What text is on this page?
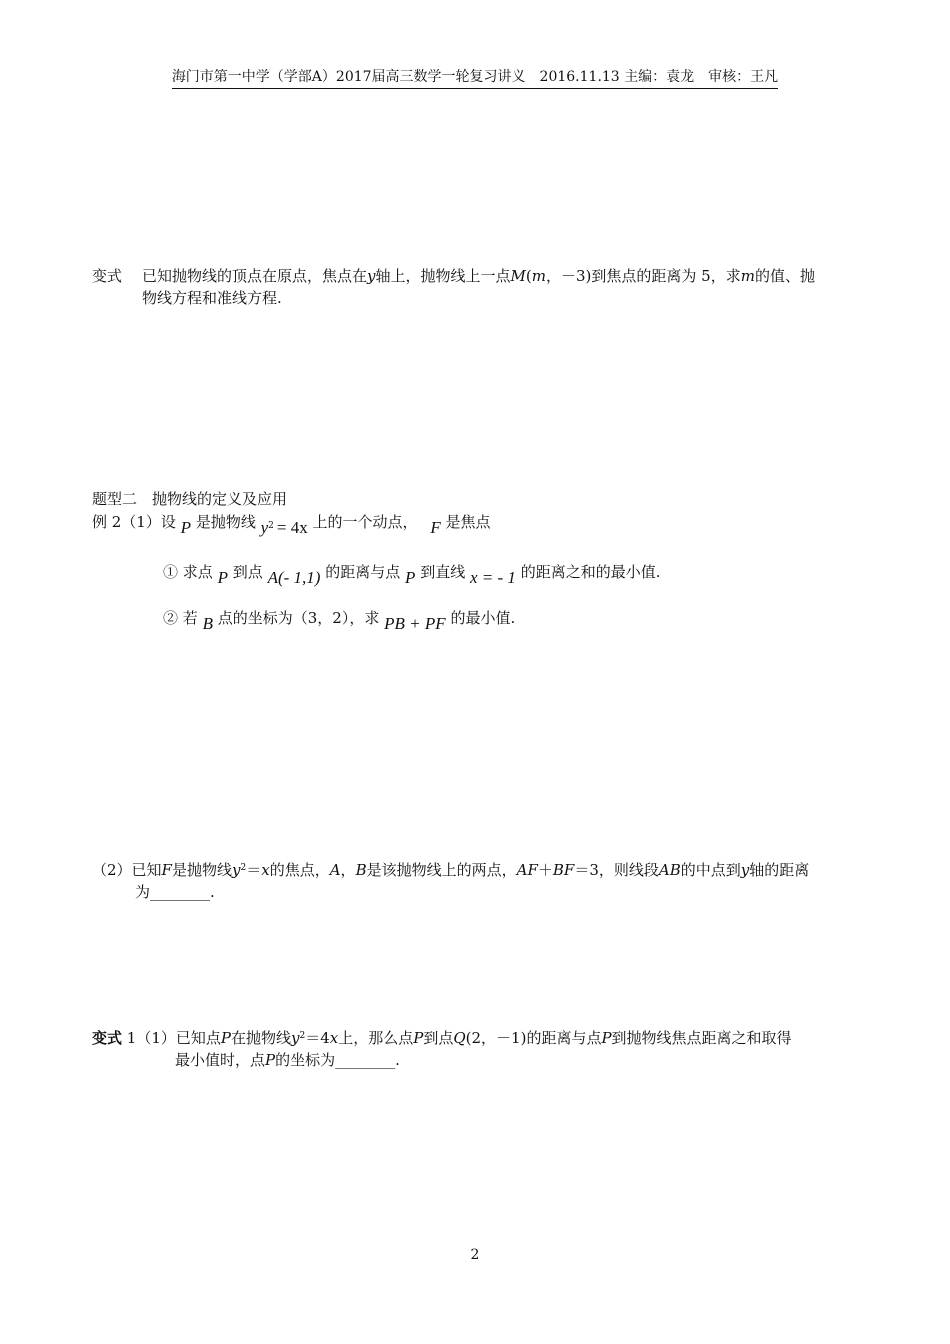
海门市第一中学（学部A）2017届高三数学一轮复习讲义　2016.11.13 主编：袁龙　审核：王凡
变式 已知抛物线的顶点在原点，焦点在y轴上，抛物线上一点M(m，－3)到焦点的距离为 5，求m的值、抛
物线方程和准线方程.
题型二　抛物线的定义及应用
例 2（1）设 P 是抛物线 $y^2 = 4x$ 上的一个动点， F 是焦点
① 求点 P 到点 A(- 1,1) 的距离与点 P 到直线 x = - 1 的距离之和的最小值.
② 若 B 点的坐标为（3，2），求 PB + PF 的最小值.
（2）已知F是抛物线$y^2=x$的焦点，A，B是该抛物线上的两点，AF＋BF＝3，则线段AB的中点到y轴的距离
为________.
变式 1（1）已知点P在抛物线$y^2=4x$上，那么点P到点Q(2，－1)的距离与点P到抛物线焦点距离之和取得
最小值时，点P的坐标为________.
2
